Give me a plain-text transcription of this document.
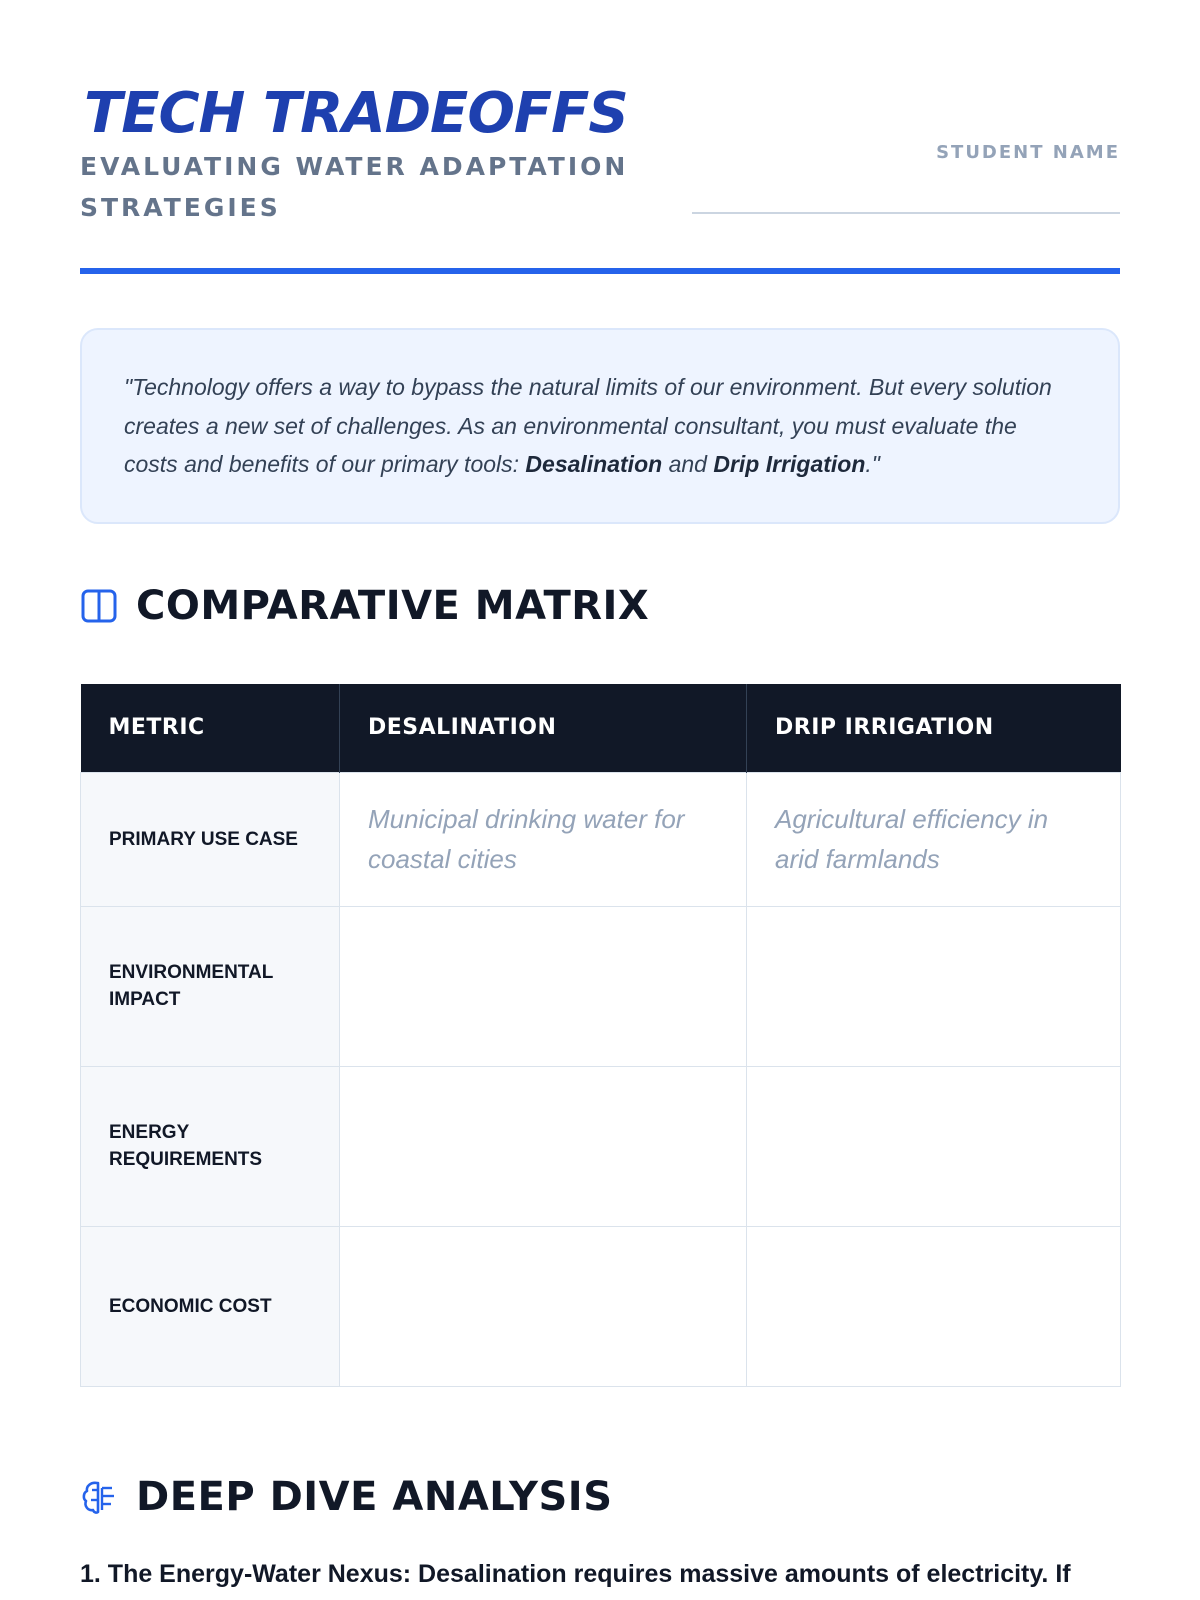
TECH TRADEOFFS
EVALUATING WATER ADAPTATION STRATEGIES
STUDENT NAME
"Technology offers a way to bypass the natural limits of our environment. But every solution creates a new set of challenges. As an environmental consultant, you must evaluate the costs and benefits of our primary tools: Desalination and Drip Irrigation."
COMPARATIVE MATRIX
METRIC	DESALINATION	DRIP IRRIGATION
PRIMARY USE CASE	Municipal drinking water for coastal cities	Agricultural efficiency in arid farmlands
ENVIRONMENTAL IMPACT		
ENERGY REQUIREMENTS		
ECONOMIC COST		
DEEP DIVE ANALYSIS
1. The Energy-Water Nexus: Desalination requires massive amounts of electricity. If
